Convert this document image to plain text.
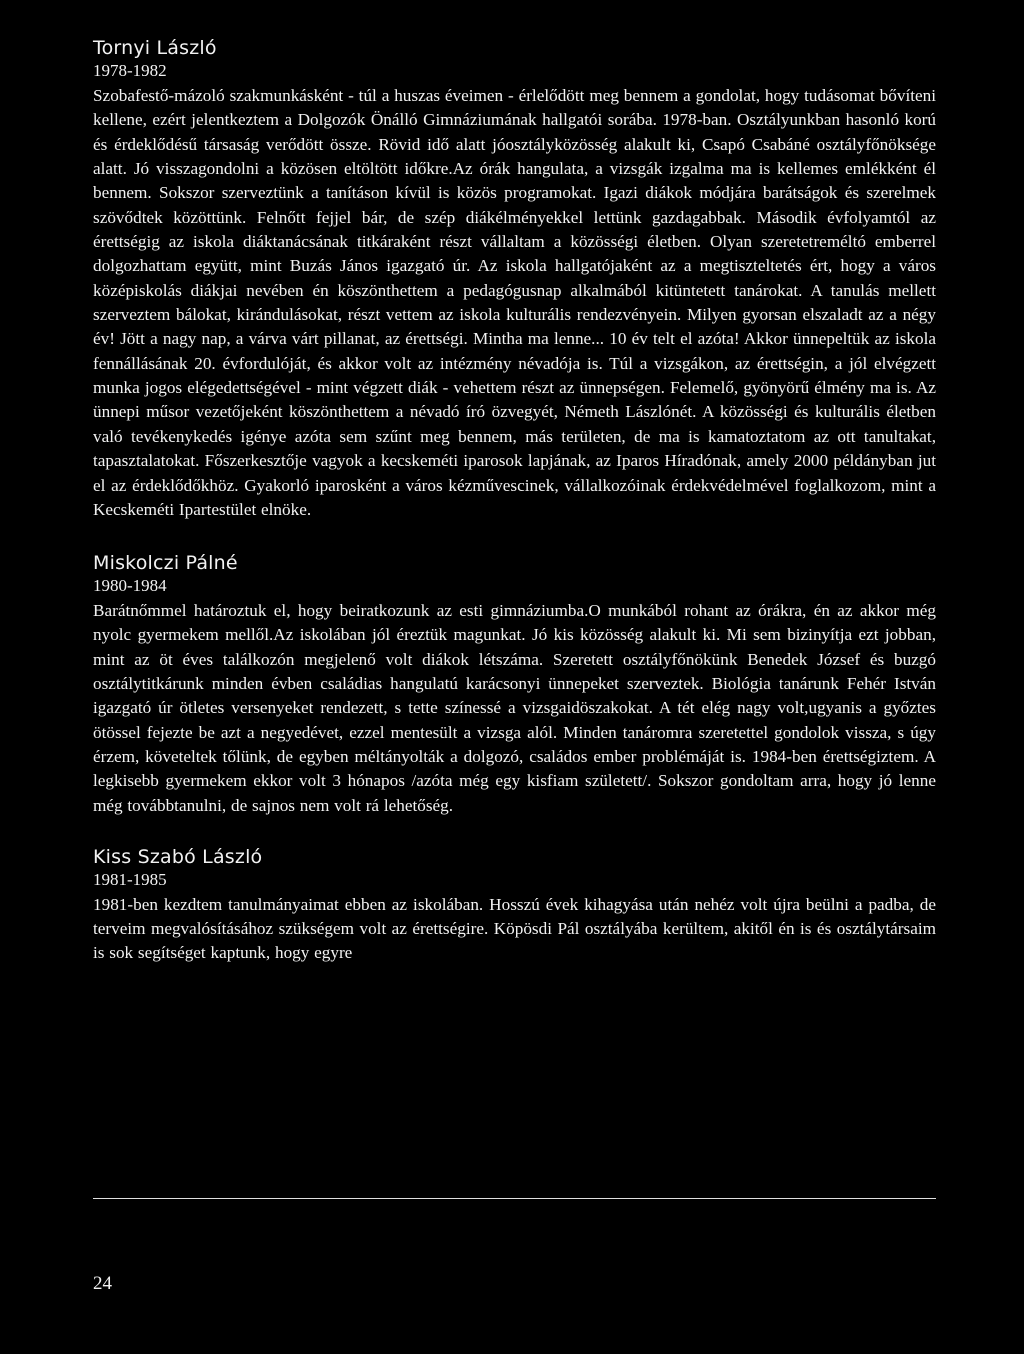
Tornyi László

1978-1982

Szobafestő-mázoló szakmunkásként - túl a huszas éveimen - érlelődött meg bennem a gondolat, hogy tudásomat bővíteni kellene, ezért jelentkeztem a Dolgozók Önálló Gimnáziumának hallgatói sorába. 1978-ban. Osztályunkban hasonló korú és érdeklődésű társaság verődött össze. Rövid idő alatt jóosztályközösség alakult ki, Csapó Csabáné osztályfőnöksége alatt. Jó visszagondolni a közösen eltöltött időkre.Az órák hangulata, a vizsgák izgalma ma is kellemes emlékként él bennem. Sokszor szerveztünk a tanításon kívül is közös programokat. Igazi diákok módjára barátságok és szerelmek szövődtek közöttünk. Felnőtt fejjel bár, de szép diákélményekkel lettünk gazdagabbak. Második évfolyamtól az érettségig az iskola diáktanácsának titkáraként részt vállaltam a közösségi életben. Olyan szeretetreméltó emberrel dolgozhattam együtt, mint Buzás János igazgató úr. Az iskola hallgatójaként az a megtiszteltetés ért, hogy a város középiskolás diákjai nevében én köszönthettem a pedagógusnap alkalmából kitüntetett tanárokat. A tanulás mellett szerveztem bálokat, kirándulásokat, részt vettem az iskola kulturális rendezvényein. Milyen gyorsan elszaladt az a négy év! Jött a nagy nap, a várva várt pillanat, az érettségi. Mintha ma lenne... 10 év telt el azóta! Akkor ünnepeltük az iskola fennállásának 20. évfordulóját, és akkor volt az intézmény névadója is. Túl a vizsgákon, az érettségin, a jól elvégzett munka jogos elégedettségével - mint végzett diák - vehettem részt az ünnepségen. Felemelő, gyönyörű élmény ma is. Az ünnepi műsor vezetőjeként köszönthettem a névadó író özvegyét, Németh Lászlónét. A közösségi és kulturális életben való tevékenykedés igénye azóta sem szűnt meg bennem, más területen, de ma is kamatoztatom az ott tanultakat, tapasztalatokat. Főszerkesztője vagyok a kecskeméti iparosok lapjának, az Iparos Híradónak, amely 2000 példányban jut el az érdeklődőkhöz. Gyakorló iparosként a város kézművescinek, vállalkozóinak érdekvédelmével foglalkozom, mint a Kecskeméti Ipartestület elnöke.

Miskolczi Pálné

1980-1984

Barátnőmmel határoztuk el, hogy beiratkozunk az esti gimnáziumba.O munkából rohant az órákra, én az akkor még nyolc gyermekem mellől.Az iskolában jól éreztük magunkat. Jó kis közösség alakult ki. Mi sem bizinyítja ezt jobban, mint az öt éves találkozón megjelenő volt diákok létszáma. Szeretett osztályfőnökünk Benedek József és buzgó osztálytitkárunk minden évben családias hangulatú karácsonyi ünnepeket szerveztek. Biológia tanárunk Fehér István igazgató úr ötletes versenyeket rendezett, s tette színessé a vizsgaidöszakokat. A tét elég nagy volt,ugyanis a győztes ötössel fejezte be azt a negyedévet, ezzel mentesült a vizsga alól. Minden tanáromra szeretettel gondolok vissza, s úgy érzem, követeltek tőlünk, de egyben méltányolták a dolgozó, családos ember problémáját is. 1984-ben érettségiztem. A legkisebb gyermekem ekkor volt 3 hónapos /azóta még egy kisfiam született/. Sokszor gondoltam arra, hogy jó lenne még továbbtanulni, de sajnos nem volt rá lehetőség.

Kiss Szabó László

1981-1985

1981-ben kezdtem tanulmányaimat ebben az iskolában. Hosszú évek kihagyása után nehéz volt újra beülni a padba, de terveim megvalósításához szükségem volt az érettségire. Köpösdi Pál osztályába kerültem, akitől én is és osztálytársaim is sok segítséget kaptunk, hogy egyre

24
